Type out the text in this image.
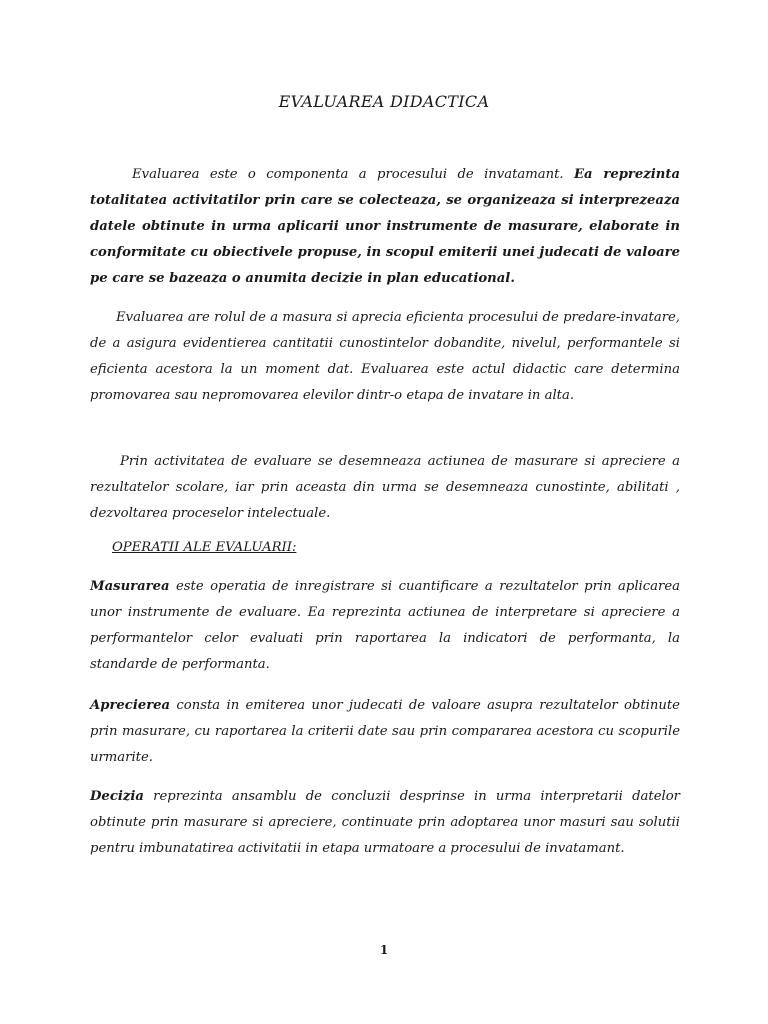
EVALUAREA DIDACTICA

Evaluarea este o componenta a procesului de invatamant. Ea reprezinta totalitatea activitatilor prin care se colecteaza, se organizeaza si interprezeaza datele obtinute in urma aplicarii unor instrumente de masurare, elaborate in conformitate cu obiectivele propuse, in scopul emiterii unei judecati de valoare pe care se bazeaza o anumita decizie in plan educational.

Evaluarea are rolul de a masura si aprecia eficienta procesului de predare-invatare, de a asigura evidentierea cantitatii cunostintelor dobandite, nivelul, performantele si eficienta acestora la un moment dat. Evaluarea este actul didactic care determina promovarea sau nepromovarea elevilor dintr-o etapa de invatare in alta.

Prin activitatea de evaluare se desemneaza actiunea de masurare si apreciere a rezultatelor scolare, iar prin aceasta din urma se desemneaza cunostinte, abilitati , dezvoltarea proceselor intelectuale.

OPERATII ALE EVALUARII:

Masurarea este operatia de inregistrare si cuantificare a rezultatelor prin aplicarea unor instrumente de evaluare. Ea reprezinta actiunea de interpretare si apreciere a performantelor celor evaluati prin raportarea la indicatori de performanta, la standarde de performanta.

Aprecierea consta in emiterea unor judecati de valoare asupra rezultatelor obtinute prin masurare, cu raportarea la criterii date sau prin compararea acestora cu scopurile urmarite.

Decizia reprezinta ansamblu de concluzii desprinse in urma interpretarii datelor obtinute prin masurare si apreciere, continuate prin adoptarea unor masuri sau solutii pentru imbunatatirea activitatii in etapa urmatoare a procesului de invatamant.

1
